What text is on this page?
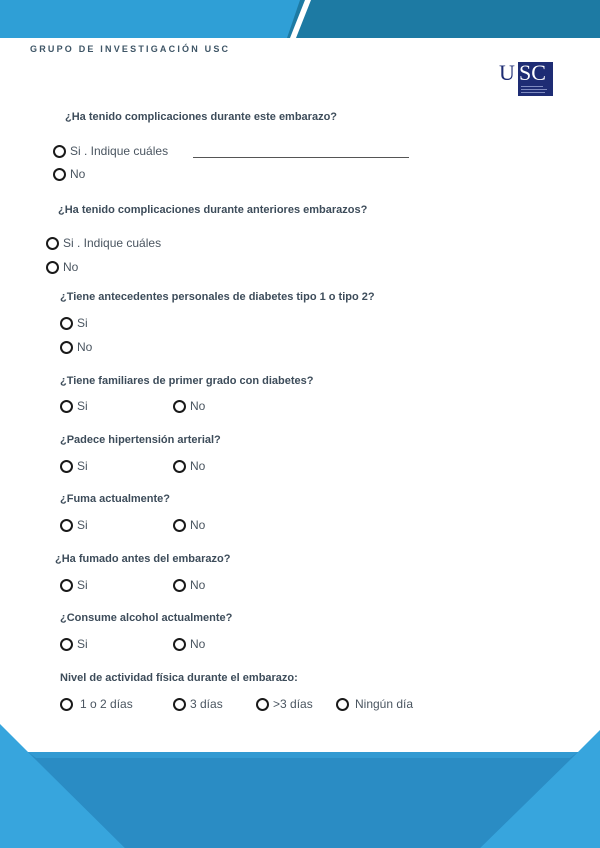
GRUPO DE INVESTIGACIÓN USC
U SC
¿Ha tenido complicaciones durante este embarazo?
Si . Indique cuáles
No
¿Ha tenido complicaciones durante anteriores embarazos?
Si . Indique cuáles
No
¿Tiene antecedentes personales de diabetes tipo 1 o tipo 2?
Si
No
¿Tiene familiares de primer grado con diabetes?
Si	No
¿Padece hipertensión arterial?
Si	No
¿Fuma actualmente?
Si	No
¿Ha fumado antes del embarazo?
Si	No
¿Consume alcohol actualmente?
Si	No
Nivel de actividad física durante el embarazo:
1 o 2 días	3 días	>3 días	Ningún día
